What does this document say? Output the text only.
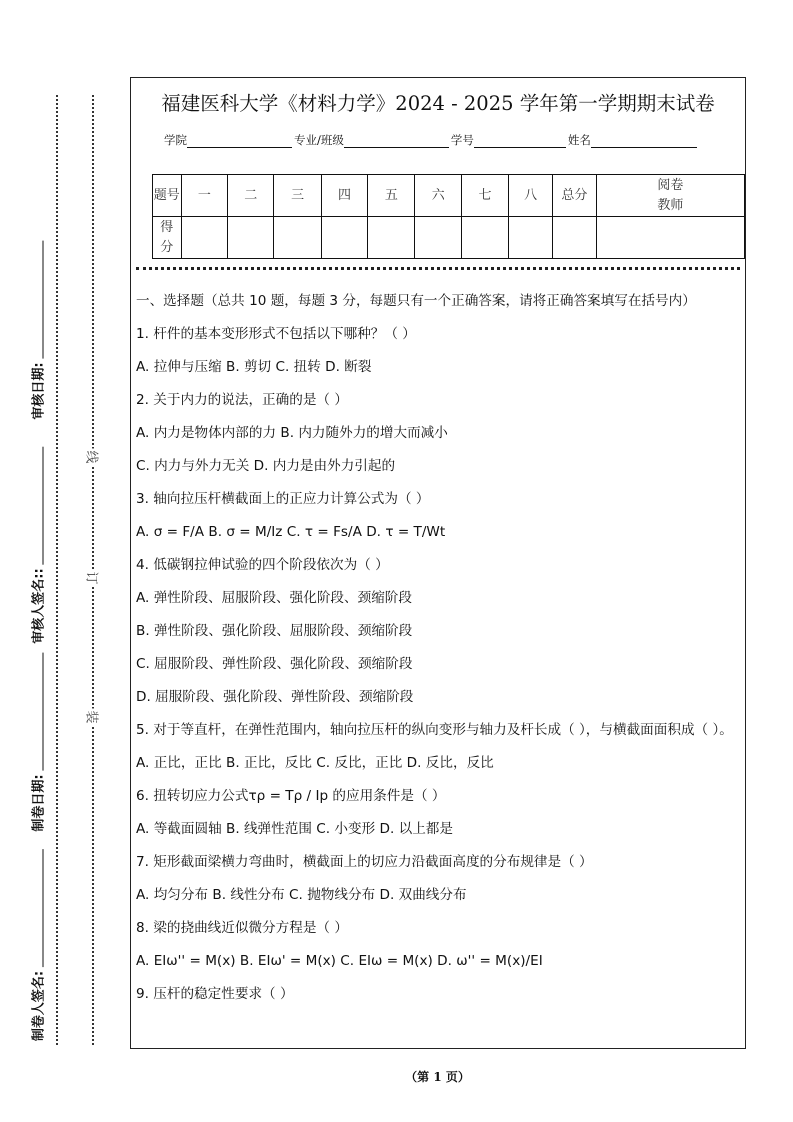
审核日期:
审核人签名::
制卷日期:
制卷人签名:
线
订
装
福建医科大学《材料力学》2024 - 2025 学年第一学期期末试卷
学院	专业/班级	学号	姓名
题号	一	二	三	四	五	六	七	八	总分	阅卷
教师
得
分										

一、选择题（总共 10 题，每题 3 分，每题只有一个正确答案，请将正确答案填写在括号内）

1. 杆件的基本变形形式不包括以下哪种？（ ）

A. 拉伸与压缩 B. 剪切 C. 扭转 D. 断裂

2. 关于内力的说法，正确的是（ ）

A. 内力是物体内部的力 B. 内力随外力的增大而减小

C. 内力与外力无关 D. 内力是由外力引起的

3. 轴向拉压杆横截面上的正应力计算公式为（ ）

A. σ = F/A B. σ = M/Iz C. τ = Fs/A D. τ = T/Wt

4. 低碳钢拉伸试验的四个阶段依次为（ ）

A. 弹性阶段、屈服阶段、强化阶段、颈缩阶段

B. 弹性阶段、强化阶段、屈服阶段、颈缩阶段

C. 屈服阶段、弹性阶段、强化阶段、颈缩阶段

D. 屈服阶段、强化阶段、弹性阶段、颈缩阶段

5. 对于等直杆，在弹性范围内，轴向拉压杆的纵向变形与轴力及杆长成（ ），与横截面面积成（ ）。

A. 正比，正比 B. 正比，反比 C. 反比，正比 D. 反比，反比

6. 扭转切应力公式τρ = Tρ / Ip 的应用条件是（ ）

A. 等截面圆轴 B. 线弹性范围 C. 小变形 D. 以上都是

7. 矩形截面梁横力弯曲时，横截面上的切应力沿截面高度的分布规律是（ ）

A. 均匀分布 B. 线性分布 C. 抛物线分布 D. 双曲线分布

8. 梁的挠曲线近似微分方程是（ ）

A. EIω'' = M(x) B. EIω' = M(x) C. EIω = M(x) D. ω'' = M(x)/EI

9. 压杆的稳定性要求（ ）

（第 1 页）
